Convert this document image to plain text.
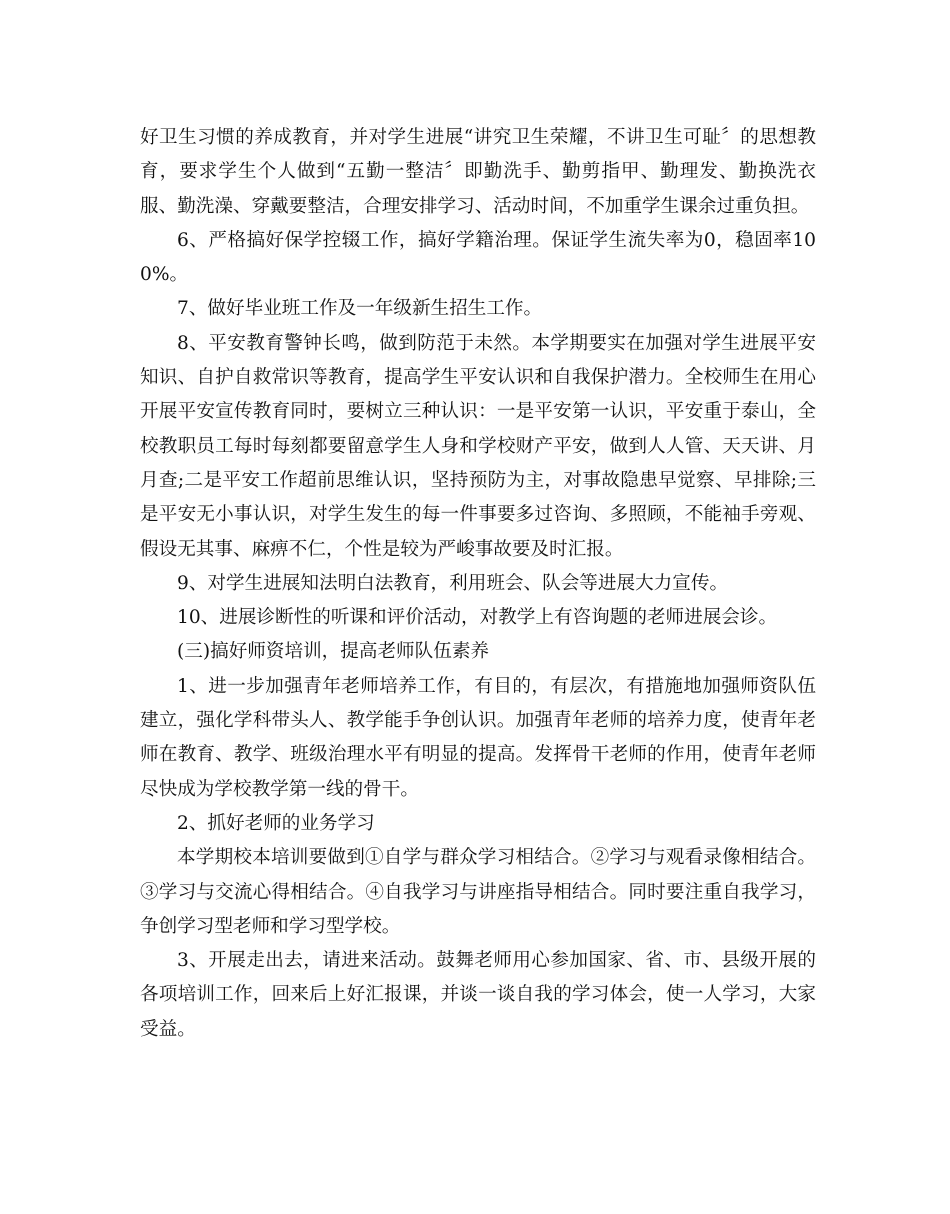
好卫生习惯的养成教育，并对学生进展“讲究卫生荣耀，不讲卫生可耻〞的思想教育，要求学生个人做到“五勤一整洁〞即勤洗手、勤剪指甲、勤理发、勤换洗衣服、勤洗澡、穿戴要整洁，合理安排学习、活动时间，不加重学生课余过重负担。

6、严格搞好保学控辍工作，搞好学籍治理。保证学生流失率为0，稳固率100%。

7、做好毕业班工作及一年级新生招生工作。

8、平安教育警钟长鸣，做到防范于未然。本学期要实在加强对学生进展平安知识、自护自救常识等教育，提高学生平安认识和自我保护潜力。全校师生在用心开展平安宣传教育同时，要树立三种认识：一是平安第一认识，平安重于泰山，全校教职员工每时每刻都要留意学生人身和学校财产平安，做到人人管、天天讲、月月查;二是平安工作超前思维认识，坚持预防为主，对事故隐患早觉察、早排除;三是平安无小事认识，对学生发生的每一件事要多过咨询、多照顾，不能袖手旁观、假设无其事、麻痹不仁，个性是较为严峻事故要及时汇报。

9、对学生进展知法明白法教育，利用班会、队会等进展大力宣传。

10、进展诊断性的听课和评价活动，对教学上有咨询题的老师进展会诊。

(三)搞好师资培训，提高老师队伍素养

1、进一步加强青年老师培养工作，有目的，有层次，有措施地加强师资队伍建立，强化学科带头人、教学能手争创认识。加强青年老师的培养力度，使青年老师在教育、教学、班级治理水平有明显的提高。发挥骨干老师的作用，使青年老师尽快成为学校教学第一线的骨干。

2、抓好老师的业务学习

本学期校本培训要做到①自学与群众学习相结合。②学习与观看录像相结合。③学习与交流心得相结合。④自我学习与讲座指导相结合。同时要注重自我学习，争创学习型老师和学习型学校。

3、开展走出去，请进来活动。鼓舞老师用心参加国家、省、市、县级开展的各项培训工作，回来后上好汇报课，并谈一谈自我的学习体会，使一人学习，大家受益。
